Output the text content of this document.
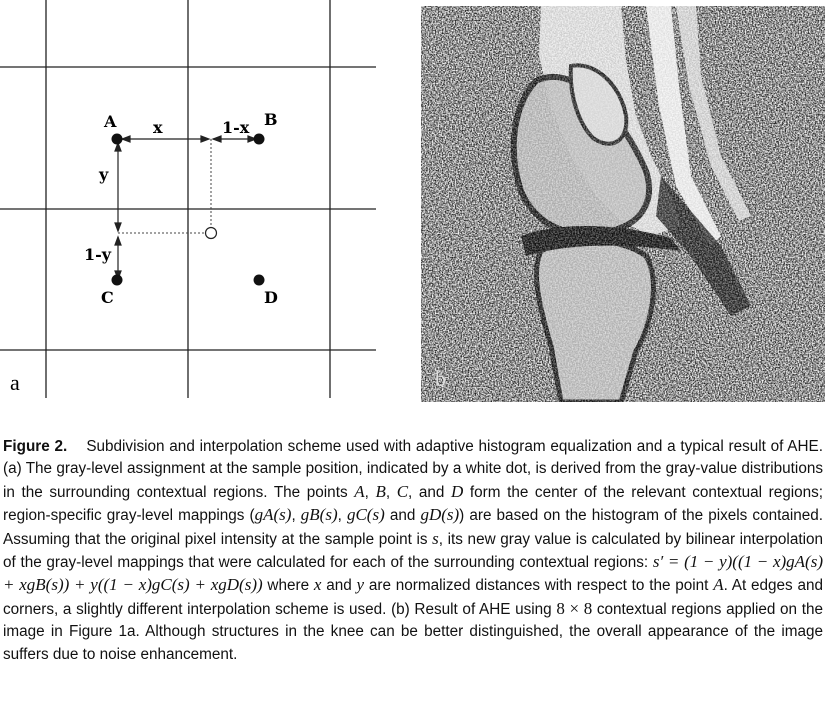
A	B
C	D
x	1-x
y
1-y
a	b

Figure 2. Subdivision and interpolation scheme used with adaptive histogram equalization and a typical result of AHE. (a) The gray-level assignment at the sample position, indicated by a white dot, is derived from the gray-value distributions in the surrounding contextual regions. The points A, B, C, and D form the center of the relevant contextual regions; region-specific gray-level mappings (gA(s), gB(s), gC(s) and gD(s)) are based on the histogram of the pixels contained. Assuming that the original pixel intensity at the sample point is s, its new gray value is calculated by bilinear interpolation of the gray-level mappings that were calculated for each of the surrounding contextual regions: s′ = (1 − y)((1 − x)gA(s) + xgB(s)) + y((1 − x)gC(s) + xgD(s)) where x and y are normalized distances with respect to the point A. At edges and corners, a slightly different interpolation scheme is used. (b) Result of AHE using 8 × 8 contextual regions applied on the image in Figure 1a. Although structures in the knee can be better distinguished, the overall appearance of the image suffers due to noise enhancement.
